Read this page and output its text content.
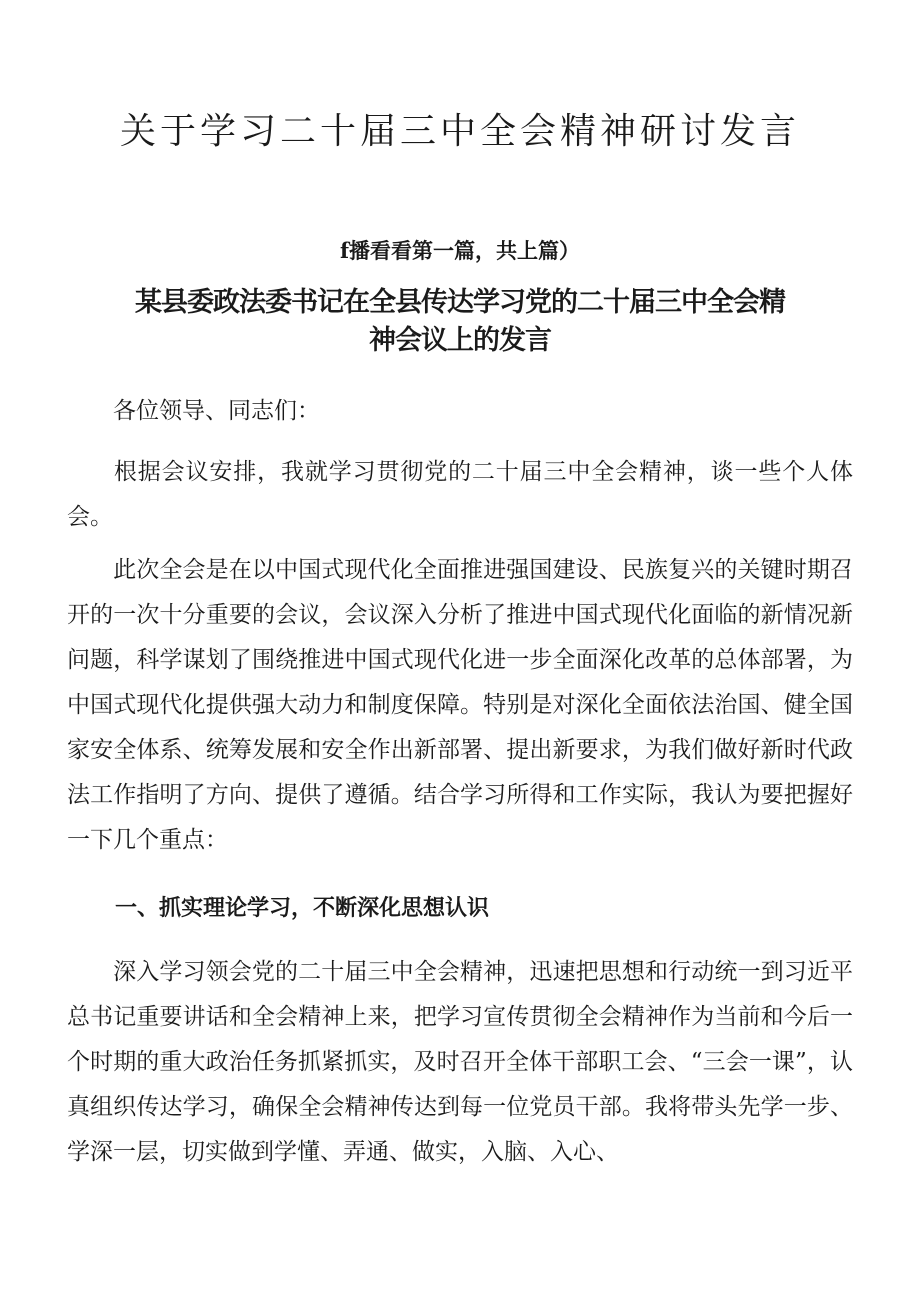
关于学习二十届三中全会精神研讨发言
f播看看第一篇，共上篇）
某县委政法委书记在全县传达学习党的二十届三中全会精
神会议上的发言

各位领导、同志们：

根据会议安排，我就学习贯彻党的二十届三中全会精神，谈一些个人体会。

此次全会是在以中国式现代化全面推进强国建设、民族复兴的关键时期召开的一次十分重要的会议，会议深入分析了推进中国式现代化面临的新情况新问题，科学谋划了围绕推进中国式现代化进一步全面深化改革的总体部署，为中国式现代化提供强大动力和制度保障。特别是对深化全面依法治国、健全国家安全体系、统筹发展和安全作出新部署、提出新要求，为我们做好新时代政法工作指明了方向、提供了遵循。结合学习所得和工作实际，我认为要把握好一下几个重点：

一、抓实理论学习，不断深化思想认识

深入学习领会党的二十届三中全会精神，迅速把思想和行动统一到习近平总书记重要讲话和全会精神上来，把学习宣传贯彻全会精神作为当前和今后一个时期的重大政治任务抓紧抓实，及时召开全体干部职工会、“三会一课”，认真组织传达学习，确保全会精神传达到每一位党员干部。我将带头先学一步、学深一层，切实做到学懂、弄通、做实，入脑、入心、
